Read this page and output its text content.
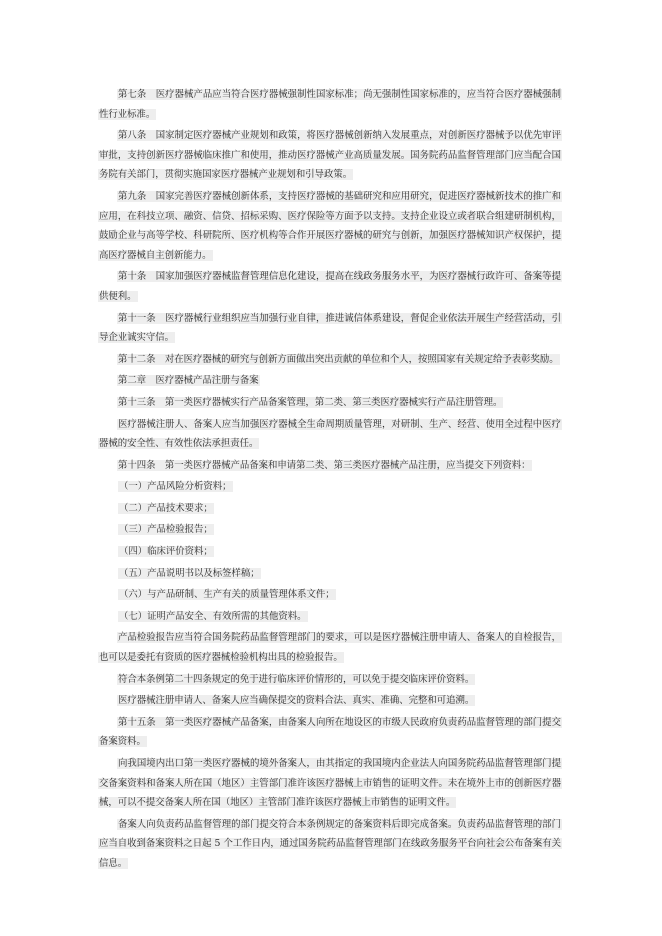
第七条　医疗器械产品应当符合医疗器械强制性国家标准；尚无强制性国家标准的，应当符合医疗器械强制性行业标准。

第八条　国家制定医疗器械产业规划和政策，将医疗器械创新纳入发展重点，对创新医疗器械予以优先审评审批，支持创新医疗器械临床推广和使用，推动医疗器械产业高质量发展。国务院药品监督管理部门应当配合国务院有关部门，贯彻实施国家医疗器械产业规划和引导政策。

第九条　国家完善医疗器械创新体系，支持医疗器械的基础研究和应用研究，促进医疗器械新技术的推广和应用，在科技立项、融资、信贷、招标采购、医疗保险等方面予以支持。支持企业设立或者联合组建研制机构，鼓励企业与高等学校、科研院所、医疗机构等合作开展医疗器械的研究与创新，加强医疗器械知识产权保护，提高医疗器械自主创新能力。

第十条　国家加强医疗器械监督管理信息化建设，提高在线政务服务水平，为医疗器械行政许可、备案等提供便利。

第十一条　医疗器械行业组织应当加强行业自律，推进诚信体系建设，督促企业依法开展生产经营活动，引导企业诚实守信。

第十二条　对在医疗器械的研究与创新方面做出突出贡献的单位和个人，按照国家有关规定给予表彰奖励。

第二章　医疗器械产品注册与备案

第十三条　第一类医疗器械实行产品备案管理，第二类、第三类医疗器械实行产品注册管理。

医疗器械注册人、备案人应当加强医疗器械全生命周期质量管理，对研制、生产、经营、使用全过程中医疗器械的安全性、有效性依法承担责任。

第十四条　第一类医疗器械产品备案和申请第二类、第三类医疗器械产品注册，应当提交下列资料：

（一）产品风险分析资料；

（二）产品技术要求；

（三）产品检验报告；

（四）临床评价资料；

（五）产品说明书以及标签样稿；

（六）与产品研制、生产有关的质量管理体系文件；

（七）证明产品安全、有效所需的其他资料。

产品检验报告应当符合国务院药品监督管理部门的要求，可以是医疗器械注册申请人、备案人的自检报告，也可以是委托有资质的医疗器械检验机构出具的检验报告。

符合本条例第二十四条规定的免于进行临床评价情形的，可以免于提交临床评价资料。

医疗器械注册申请人、备案人应当确保提交的资料合法、真实、准确、完整和可追溯。

第十五条　第一类医疗器械产品备案，由备案人向所在地设区的市级人民政府负责药品监督管理的部门提交备案资料。

向我国境内出口第一类医疗器械的境外备案人，由其指定的我国境内企业法人向国务院药品监督管理部门提交备案资料和备案人所在国（地区）主管部门准许该医疗器械上市销售的证明文件。未在境外上市的创新医疗器械，可以不提交备案人所在国（地区）主管部门准许该医疗器械上市销售的证明文件。

备案人向负责药品监督管理的部门提交符合本条例规定的备案资料后即完成备案。负责药品监督管理的部门应当自收到备案资料之日起 5 个工作日内，通过国务院药品监督管理部门在线政务服务平台向社会公布备案有关信息。
